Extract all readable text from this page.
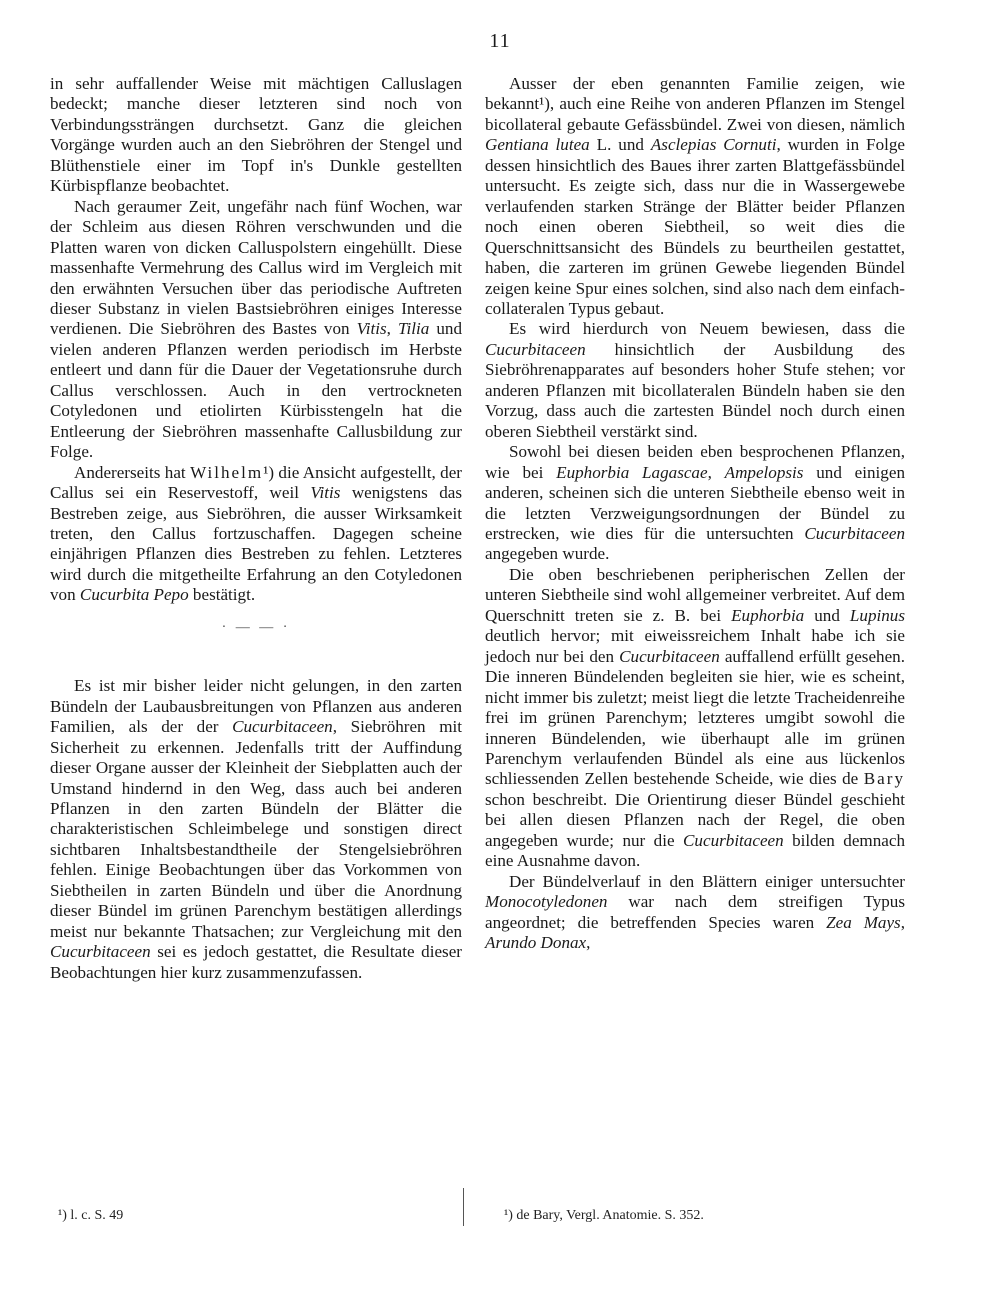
11

in sehr auffallender Weise mit mächtigen Calluslagen bedeckt; manche dieser letzteren sind noch von Verbindungssträngen durchsetzt. Ganz die gleichen Vorgänge wurden auch an den Siebröhren der Stengel und Blüthenstiele einer im Topf in's Dunkle gestellten Kürbispflanze beobachtet.

Nach geraumer Zeit, ungefähr nach fünf Wochen, war der Schleim aus diesen Röhren verschwunden und die Platten waren von dicken Calluspolstern eingehüllt. Diese massenhafte Vermehrung des Callus wird im Vergleich mit den erwähnten Versuchen über das periodische Auftreten dieser Substanz in vielen Bastsiebröhren einiges Interesse verdienen. Die Siebröhren des Bastes von Vitis, Tilia und vielen anderen Pflanzen werden periodisch im Herbste entleert und dann für die Dauer der Vegetationsruhe durch Callus verschlossen. Auch in den vertrockneten Cotyledonen und etiolirten Kürbisstengeln hat die Entleerung der Siebröhren massenhafte Callusbildung zur Folge.

Andererseits hat Wilhelm¹) die Ansicht aufgestellt, der Callus sei ein Reservestoff, weil Vitis wenigstens das Bestreben zeige, aus Siebröhren, die ausser Wirksamkeit treten, den Callus fortzuschaffen. Dagegen scheine einjährigen Pflanzen dies Bestreben zu fehlen. Letzteres wird durch die mitgetheilte Erfahrung an den Cotyledonen von Cucurbita Pepo bestätigt.

· — — ·

Es ist mir bisher leider nicht gelungen, in den zarten Bündeln der Laubausbreitungen von Pflanzen aus anderen Familien, als der der Cucurbitaceen, Siebröhren mit Sicherheit zu erkennen. Jedenfalls tritt der Auffindung dieser Organe ausser der Kleinheit der Siebplatten auch der Umstand hindernd in den Weg, dass auch bei anderen Pflanzen in den zarten Bündeln der Blätter die charakteristischen Schleimbelege und sonstigen direct sichtbaren Inhaltsbestandtheile der Stengelsiebröhren fehlen. Einige Beobachtungen über das Vorkommen von Siebtheilen in zarten Bündeln und über die Anordnung dieser Bündel im grünen Parenchym bestätigen allerdings meist nur bekannte Thatsachen; zur Vergleichung mit den Cucurbitaceen sei es jedoch gestattet, die Resultate dieser Beobachtungen hier kurz zusammenzufassen.

Ausser der eben genannten Familie zeigen, wie bekannt¹), auch eine Reihe von anderen Pflanzen im Stengel bicollateral gebaute Gefässbündel. Zwei von diesen, nämlich Gentiana lutea L. und Asclepias Cornuti, wurden in Folge dessen hinsichtlich des Baues ihrer zarten Blattgefässbündel untersucht. Es zeigte sich, dass nur die in Wassergewebe verlaufenden starken Stränge der Blätter beider Pflanzen noch einen oberen Siebtheil, so weit dies die Querschnittsansicht des Bündels zu beurtheilen gestattet, haben, die zarteren im grünen Gewebe liegenden Bündel zeigen keine Spur eines solchen, sind also nach dem einfach-collateralen Typus gebaut.

Es wird hierdurch von Neuem bewiesen, dass die Cucurbitaceen hinsichtlich der Ausbildung des Siebröhrenapparates auf besonders hoher Stufe stehen; vor anderen Pflanzen mit bicollateralen Bündeln haben sie den Vorzug, dass auch die zartesten Bündel noch durch einen oberen Siebtheil verstärkt sind.

Sowohl bei diesen beiden eben besprochenen Pflanzen, wie bei Euphorbia Lagascae, Ampelopsis und einigen anderen, scheinen sich die unteren Siebtheile ebenso weit in die letzten Verzweigungsordnungen der Bündel zu erstrecken, wie dies für die untersuchten Cucurbitaceen angegeben wurde.

Die oben beschriebenen peripherischen Zellen der unteren Siebtheile sind wohl allgemeiner verbreitet. Auf dem Querschnitt treten sie z. B. bei Euphorbia und Lupinus deutlich hervor; mit eiweissreichem Inhalt habe ich sie jedoch nur bei den Cucurbitaceen auffallend erfüllt gesehen. Die inneren Bündelenden begleiten sie hier, wie es scheint, nicht immer bis zuletzt; meist liegt die letzte Tracheidenreihe frei im grünen Parenchym; letzteres umgibt sowohl die inneren Bündelenden, wie überhaupt alle im grünen Parenchym verlaufenden Bündel als eine aus lückenlos schliessenden Zellen bestehende Scheide, wie dies de Bary schon beschreibt. Die Orientirung dieser Bündel geschieht bei allen diesen Pflanzen nach der Regel, die oben angegeben wurde; nur die Cucurbitaceen bilden demnach eine Ausnahme davon.

Der Bündelverlauf in den Blättern einiger untersuchter Monocotyledonen war nach dem streifigen Typus angeordnet; die betreffenden Species waren Zea Mays, Arundo Donax,

¹) l. c. S. 49	¹) de Bary, Vergl. Anatomie. S. 352.
